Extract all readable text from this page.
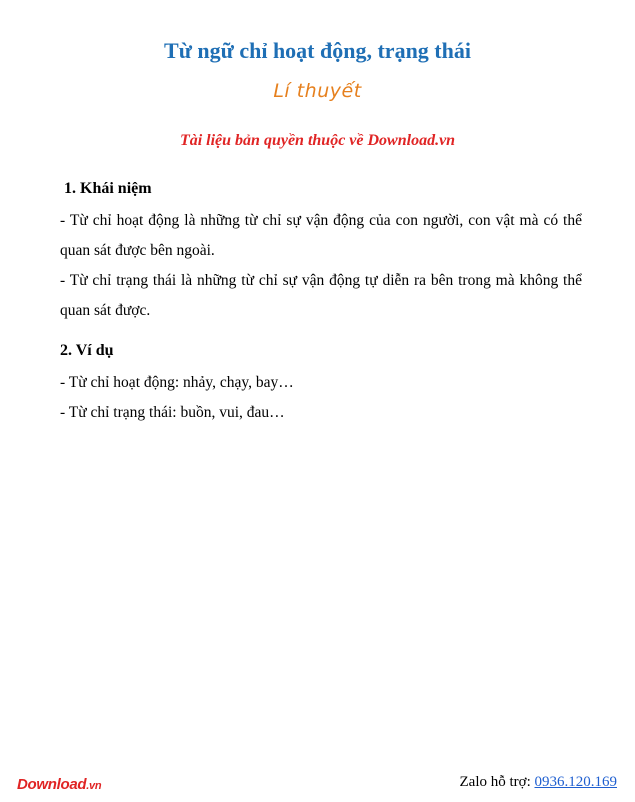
Từ ngữ chỉ hoạt động, trạng thái
Lí thuyết
Tài liệu bản quyền thuộc về Download.vn
1. Khái niệm

- Từ chỉ hoạt động là những từ chỉ sự vận động của con người, con vật mà có thể quan sát được bên ngoài.

- Từ chỉ trạng thái là những từ chỉ sự vận động tự diễn ra bên trong mà không thể quan sát được.

2. Ví dụ

- Từ chỉ hoạt động: nhảy, chạy, bay…

- Từ chỉ trạng thái: buồn, vui, đau…

Download.vn	Zalo hỗ trợ: 0936.120.169
